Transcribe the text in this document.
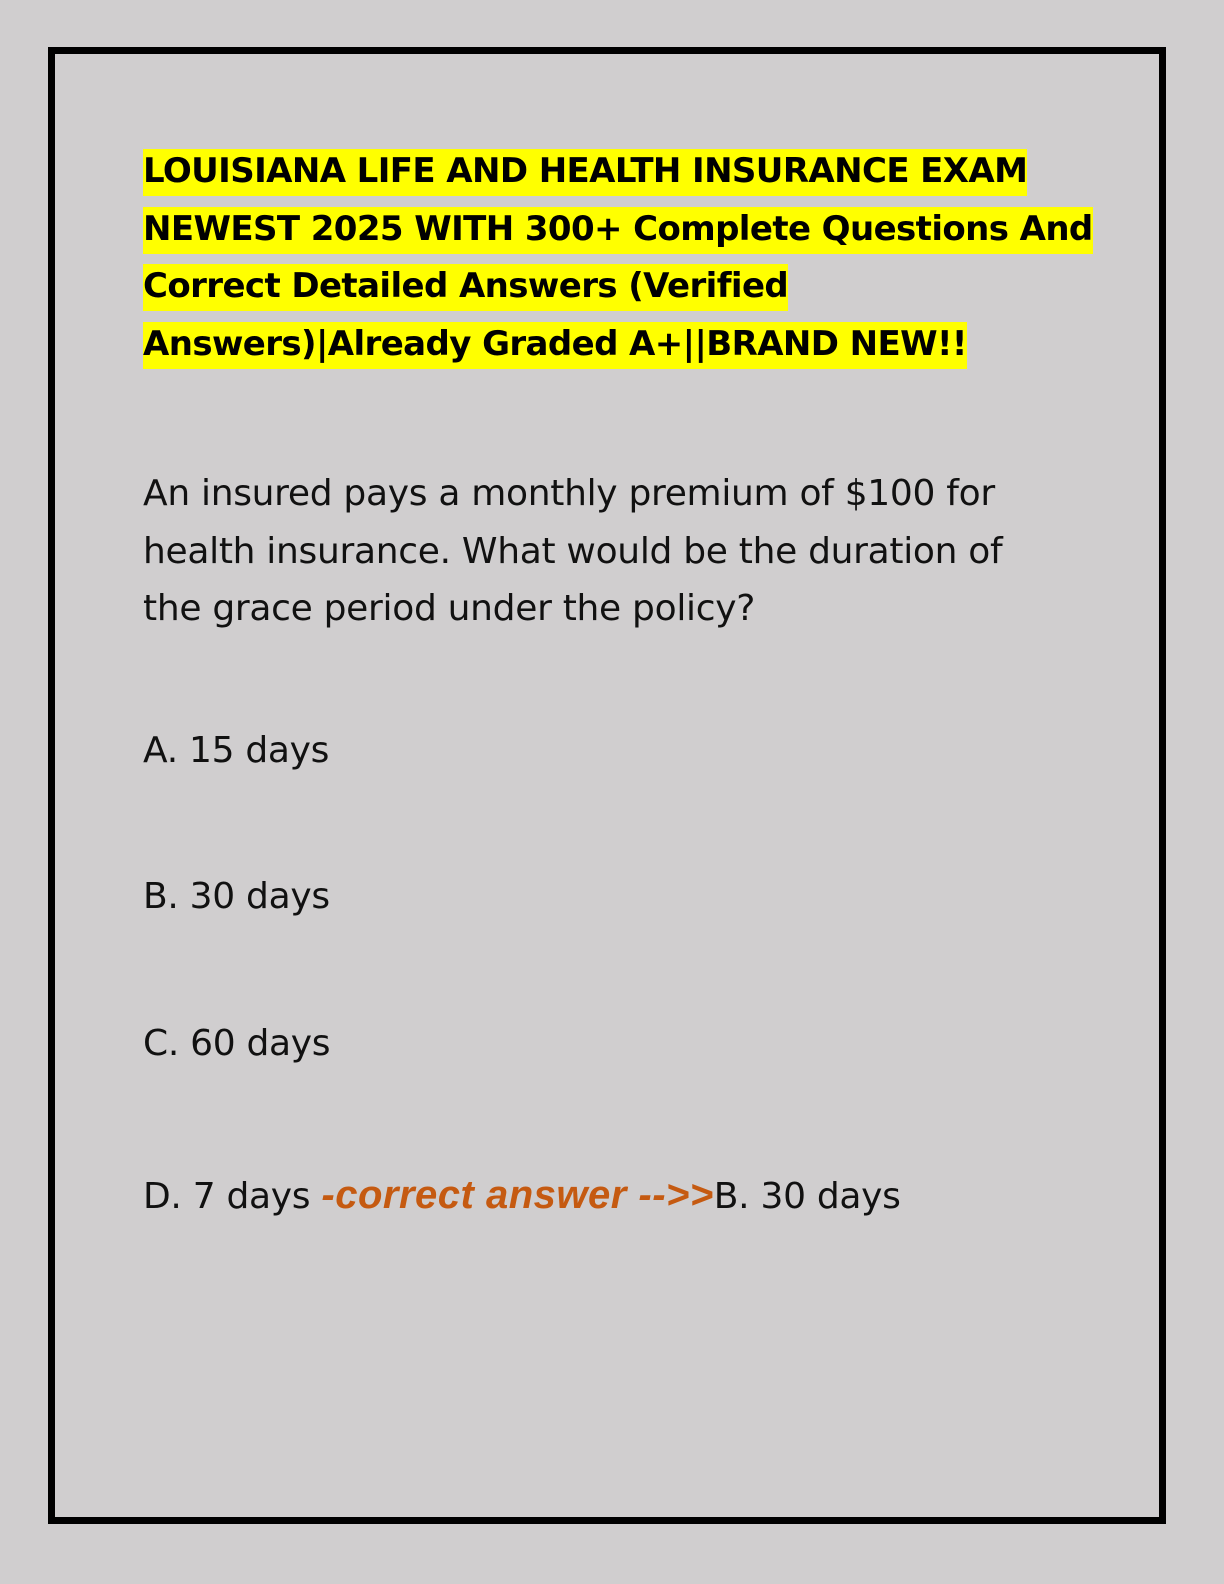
LOUISIANA LIFE AND HEALTH INSURANCE EXAM
NEWEST 2025 WITH 300+ Complete Questions And
Correct Detailed Answers (Verified
Answers)|Already Graded A+||BRAND NEW!!

An insured pays a monthly premium of $100 for
health insurance. What would be the duration of
the grace period under the policy?

A. 15 days

B. 30 days

C. 60 days

D. 7 days -correct answer -->>B. 30 days
